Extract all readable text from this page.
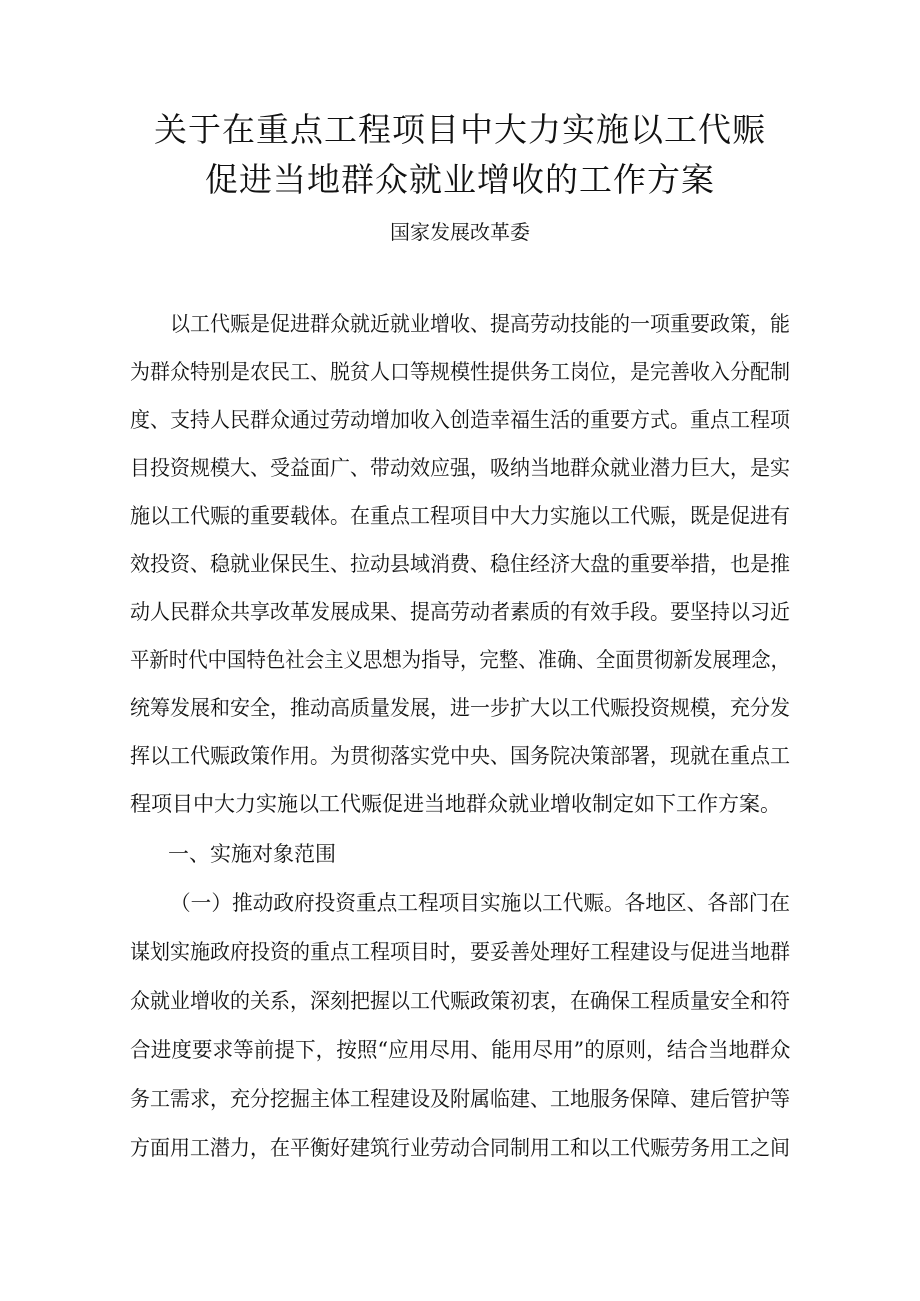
关于在重点工程项目中大力实施以工代赈
促进当地群众就业增收的工作方案
国家发展改革委
以工代赈是促进群众就近就业增收、提高劳动技能的一项重要政策，能
为群众特别是农民工、脱贫人口等规模性提供务工岗位，是完善收入分配制
度、支持人民群众通过劳动增加收入创造幸福生活的重要方式。重点工程项
目投资规模大、受益面广、带动效应强，吸纳当地群众就业潜力巨大，是实
施以工代赈的重要载体。在重点工程项目中大力实施以工代赈，既是促进有
效投资、稳就业保民生、拉动县域消费、稳住经济大盘的重要举措，也是推
动人民群众共享改革发展成果、提高劳动者素质的有效手段。要坚持以习近
平新时代中国特色社会主义思想为指导，完整、准确、全面贯彻新发展理念，
统筹发展和安全，推动高质量发展，进一步扩大以工代赈投资规模，充分发
挥以工代赈政策作用。为贯彻落实党中央、国务院决策部署，现就在重点工
程项目中大力实施以工代赈促进当地群众就业增收制定如下工作方案。
一、实施对象范围
（一）推动政府投资重点工程项目实施以工代赈。各地区、各部门在
谋划实施政府投资的重点工程项目时，要妥善处理好工程建设与促进当地群
众就业增收的关系，深刻把握以工代赈政策初衷，在确保工程质量安全和符
合进度要求等前提下，按照“应用尽用、能用尽用”的原则，结合当地群众
务工需求，充分挖掘主体工程建设及附属临建、工地服务保障、建后管护等
方面用工潜力，在平衡好建筑行业劳动合同制用工和以工代赈劳务用工之间
